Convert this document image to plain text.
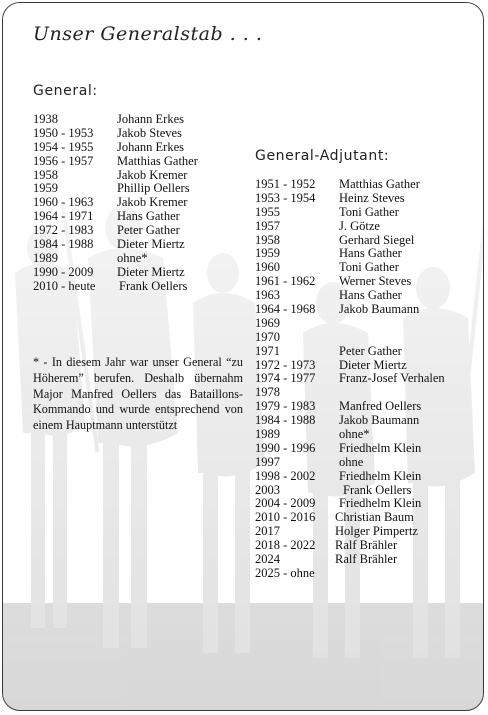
Unser Generalstab . . .
General:
1938	Johann Erkes
1950 - 1953 Jakob Steves
1954 - 1955 Johann Erkes
1956 - 1957 Matthias Gather
1958	Jakob Kremer
1959	Phillip Oellers
1960 - 1963 Jakob Kremer
1964 - 1971 Hans Gather
1972 - 1983 Peter Gather
1984 - 1988 Dieter Miertz
1989	ohne*
1990 - 2009 Dieter Miertz
2010 - heute Frank Oellers

* - In diesem Jahr war unser General “zu Höherem” berufen. Deshalb übernahm Major Manfred Oellers das Bataillons-Kommando und wurde entsprechend von einem Hauptmann unterstützt

General-Adjutant:
1951 - 1952 Matthias Gather
1953 - 1954 Heinz Steves
1955	Toni Gather
1957	J. Götze
1958	Gerhard Siegel
1959	Hans Gather
1960	Toni Gather
1961 - 1962 Werner Steves
1963	Hans Gather
1964 - 1968 Jakob Baumann
1969
1970
1971	Peter Gather
1972 - 1973 Dieter Miertz
1974 - 1977 Franz-Josef Verhalen
1978
1979 - 1983 Manfred Oellers
1984 - 1988 Jakob Baumann
1989	ohne*
1990 - 1996 Friedhelm Klein
1997	ohne
1998 - 2002 Friedhelm Klein
2003	Frank Oellers
2004 - 2009 Friedhelm Klein
2010 - 2016 Christian Baum
2017	Holger Pimpertz
2018 - 2022 Ralf Brähler
2024	Ralf Brähler
2025 - ohne
